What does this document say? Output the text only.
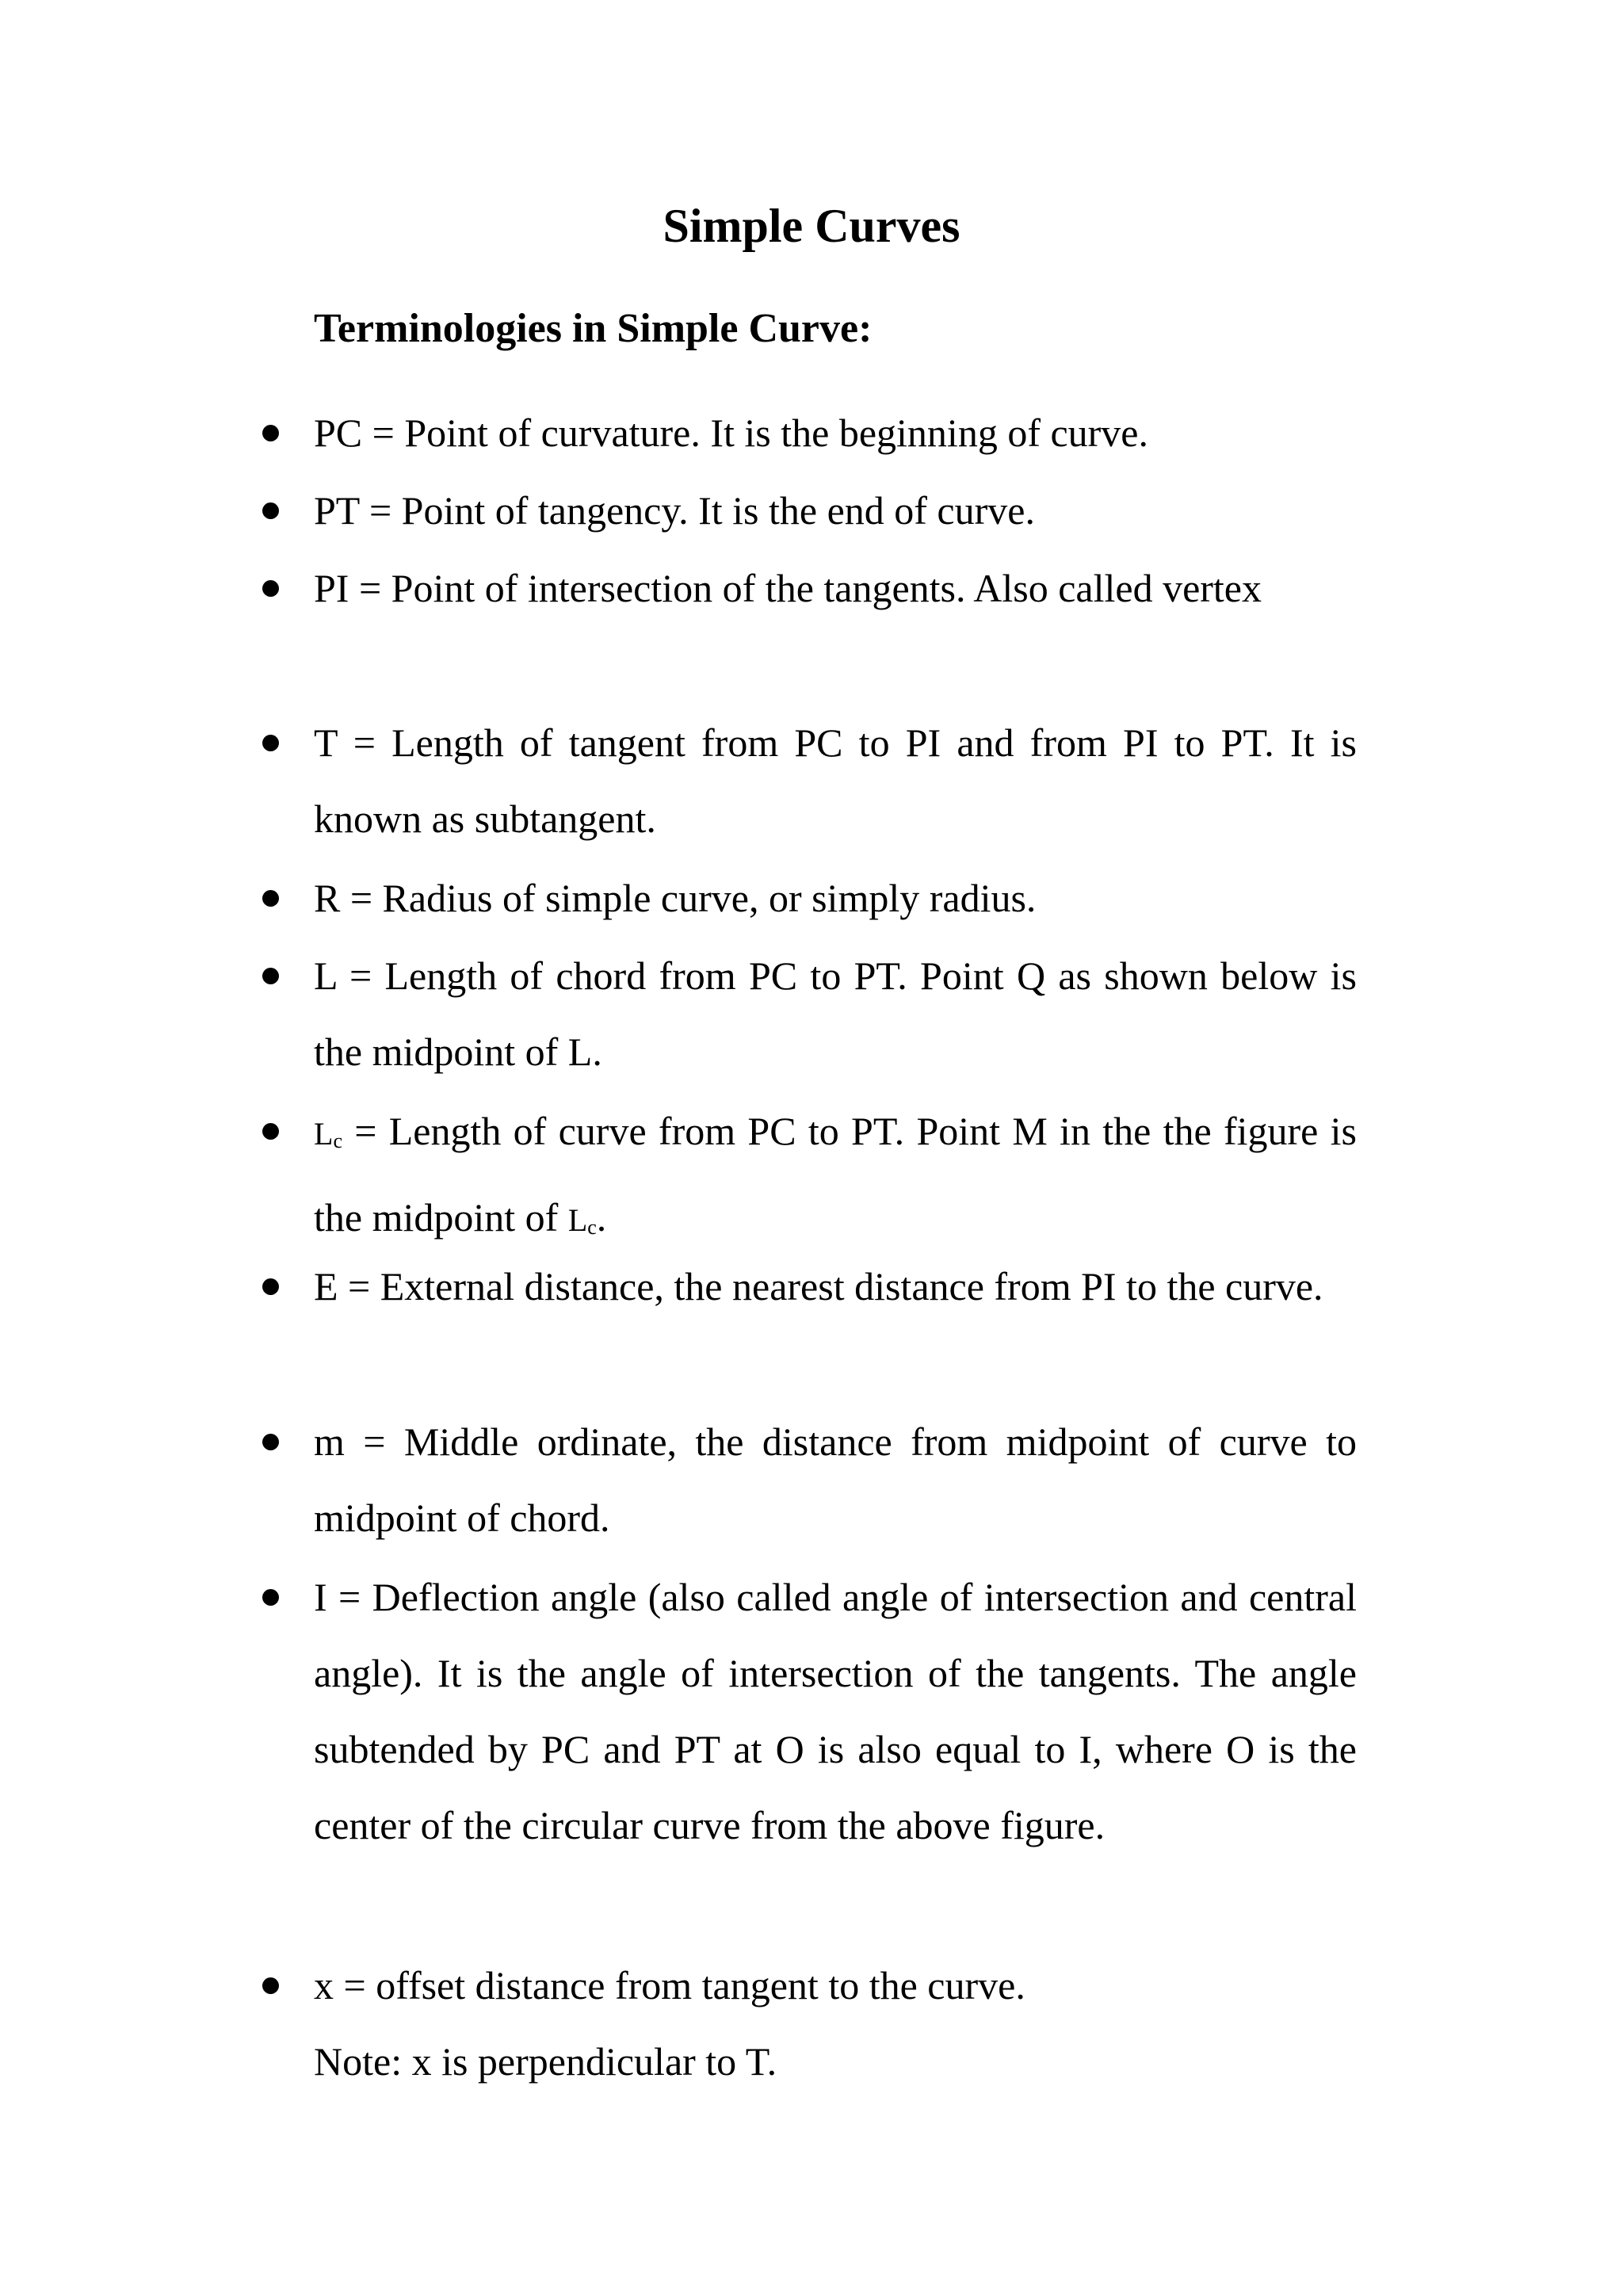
Simple Curves
Terminologies in Simple Curve:
PC = Point of curvature. It is the beginning of curve.
PT = Point of tangency. It is the end of curve.
PI = Point of intersection of the tangents. Also called vertex
T = Length of tangent from PC to PI and from PI to PT. It is known as subtangent.
R = Radius of simple curve, or simply radius.
L = Length of chord from PC to PT. Point Q as shown below is the midpoint of L.
Lc = Length of curve from PC to PT. Point M in the the figure is the midpoint of Lc.
E = External distance, the nearest distance from PI to the curve.
m = Middle ordinate, the distance from midpoint of curve to midpoint of chord.
I = Deflection angle (also called angle of intersection and central angle). It is the angle of intersection of the tangents. The angle subtended by PC and PT at O is also equal to I, where O is the center of the circular curve from the above figure.
x = offset distance from tangent to the curve.
Note: x is perpendicular to T.
